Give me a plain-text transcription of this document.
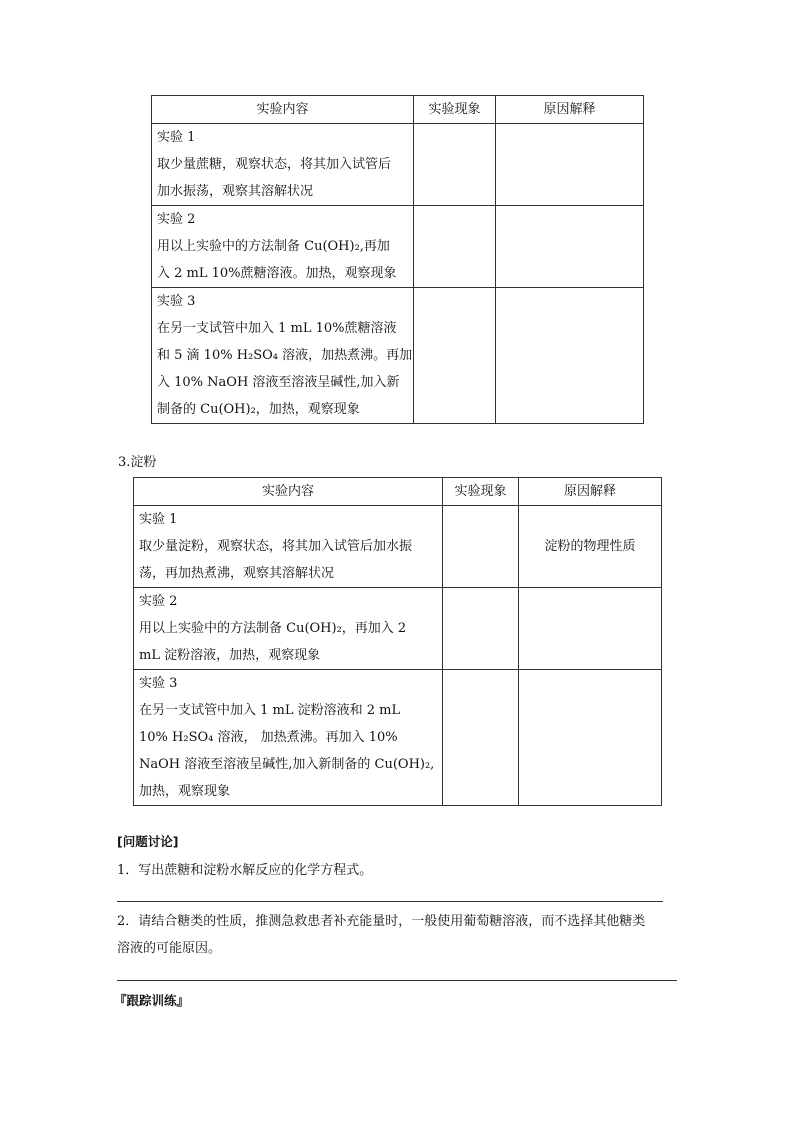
实验内容	实验现象	原因解释

实验 1
取少量蔗糖，观察状态，将其加入试管后
加水振荡，观察其溶解状况		

实验 2
用以上实验中的方法制备 Cu(OH)₂,再加
入 2 mL 10%蔗糖溶液。加热，观察现象		

实验 3
在另一支试管中加入 1 mL 10%蔗糖溶液
和 5 滴 10% H₂SO₄ 溶液，加热煮沸。再加
入 10% NaOH 溶液至溶液呈碱性,加入新
制备的 Cu(OH)₂，加热，观察现象		

3.淀粉
实验内容	实验现象	原因解释

实验 1
取少量淀粉，观察状态，将其加入试管后加水振
荡，再加热煮沸，观察其溶解状况		淀粉的物理性质

实验 2
用以上实验中的方法制备 Cu(OH)₂，再加入 2
mL 淀粉溶液，加热，观察现象		

实验 3
在另一支试管中加入 1 mL 淀粉溶液和 2 mL
10% H₂SO₄ 溶液， 加热煮沸。再加入 10%
NaOH 溶液至溶液呈碱性,加入新制备的 Cu(OH)₂,
加热，观察现象		

[问题讨论]
1．写出蔗糖和淀粉水解反应的化学方程式。
2．请结合糖类的性质，推测急救患者补充能量时，一般使用葡萄糖溶液，而不选择其他糖类
溶液的可能原因。
『跟踪训练』
